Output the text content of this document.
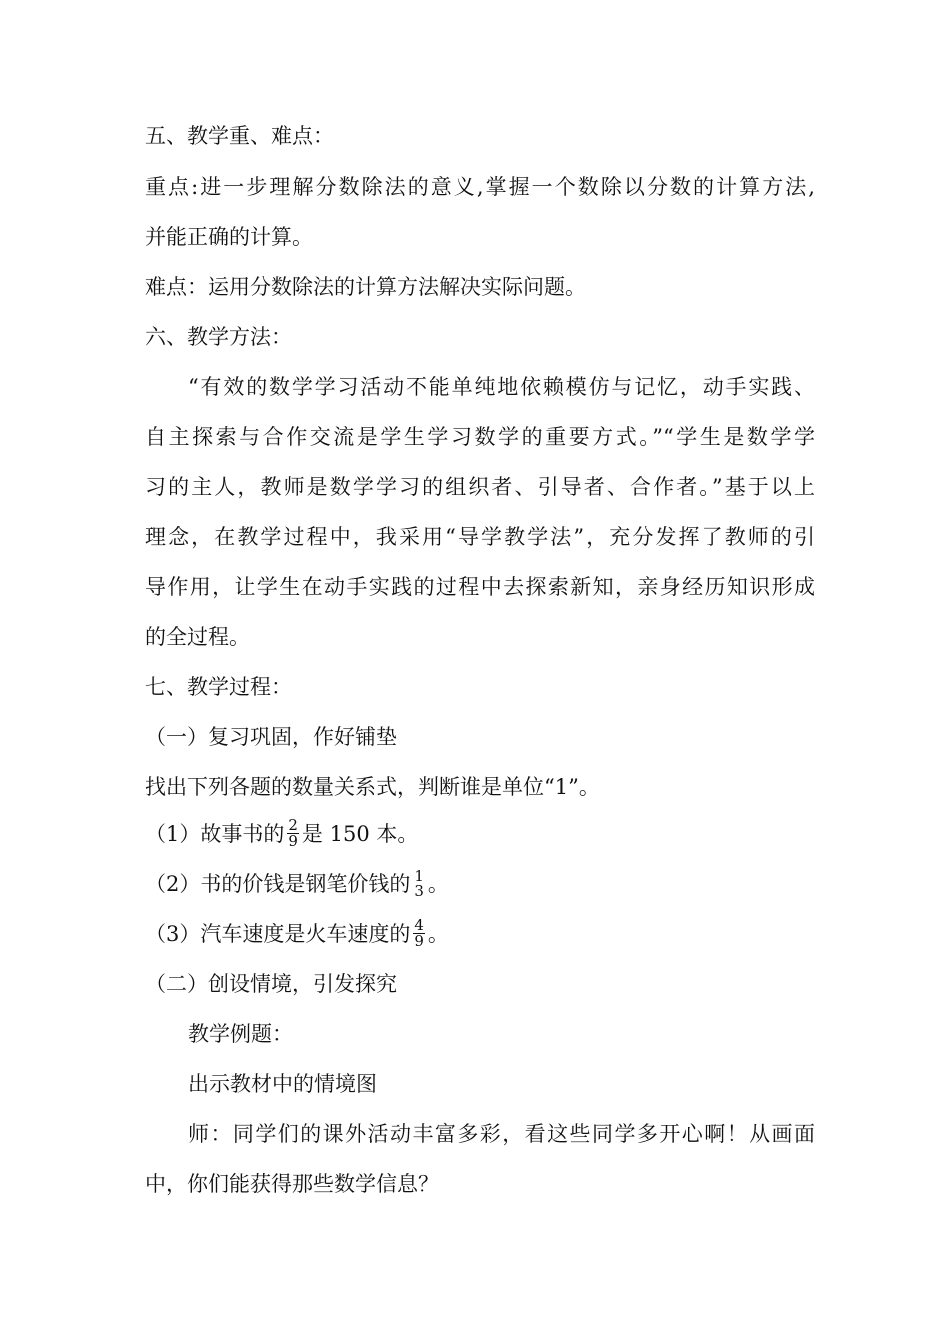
五、教学重、难点：
重点:进一步理解分数除法的意义,掌握一个数除以分数的计算方法,
并能正确的计算。
难点：运用分数除法的计算方法解决实际问题。
六、教学方法：
“有效的数学学习活动不能单纯地依赖模仿与记忆，动手实践、
自主探索与合作交流是学生学习数学的重要方式。”“学生是数学学
习的主人，教师是数学学习的组织者、引导者、合作者。”基于以上
理念，在教学过程中，我采用“导学教学法”，充分发挥了教师的引
导作用，让学生在动手实践的过程中去探索新知，亲身经历知识形成
的全过程。
七、教学过程：
（一）复习巩固，作好铺垫
找出下列各题的数量关系式，判断谁是单位“1”。
（1）故事书的 $\frac{2}{9}$ 是 150 本。
（2）书的价钱是钢笔价钱的 1
3 。
（3）汽车速度是火车速度的 $\frac{4}{9}$ 。
（二）创设情境，引发探究
教学例题：
出示教材中的情境图
师：同学们的课外活动丰富多彩，看这些同学多开心啊！从画面
中，你们能获得那些数学信息？
